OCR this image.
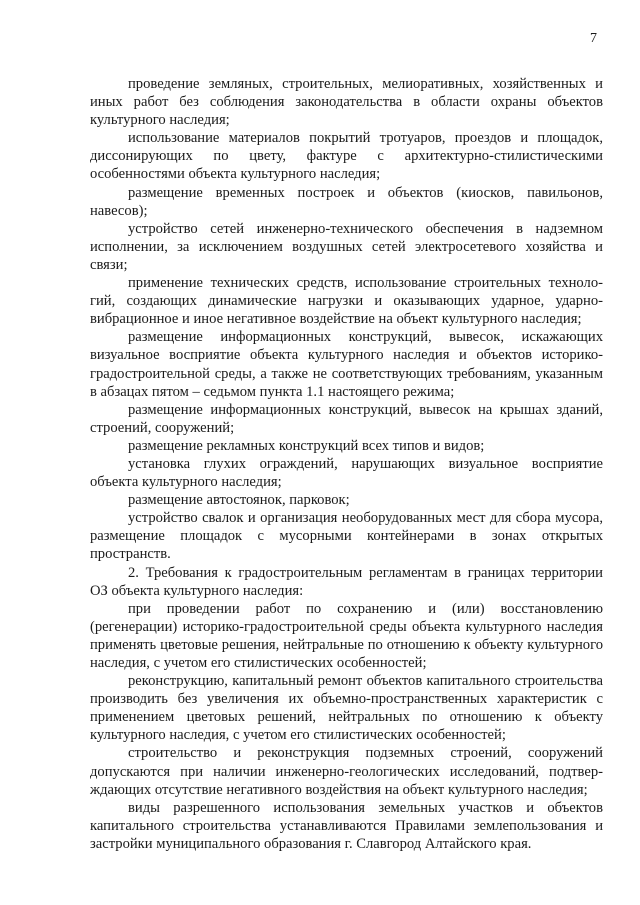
7

проведение земляных, строительных, мелиоративных, хозяйственных и иных работ без соблюдения законодательства в области охраны объектов культурного наследия;

использование материалов покрытий тротуаров, проездов и площадок, диссонирующих по цвету, фактуре с архитектурно-стилистическими особенностями объекта культурного наследия;

размещение временных построек и объектов (киосков, павильонов, навесов);

устройство сетей инженерно-технического обеспечения в надземном исполнении, за исключением воздушных сетей электросетевого хозяйства и связи;

применение технических средств, использование строительных технологий, создающих динамические нагрузки и оказывающих ударное, ударно-вибрационное и иное негативное воздействие на объект культурного наследия;

размещение информационных конструкций, вывесок, искажающих визуальное восприятие объекта культурного наследия и объектов историко-градостроительной среды, а также не соответствующих требованиям, указанным в абзацах пятом – седьмом пункта 1.1 настоящего режима;

размещение информационных конструкций, вывесок на крышах зданий, строений, сооружений;

размещение рекламных конструкций всех типов и видов;

установка глухих ограждений, нарушающих визуальное восприятие объекта культурного наследия;

размещение автостоянок, парковок;

устройство свалок и организация необорудованных мест для сбора мусора, размещение площадок с мусорными контейнерами в зонах открытых пространств.

2. Требования к градостроительным регламентам в границах территории ОЗ объекта культурного наследия:

при проведении работ по сохранению и (или) восстановлению (регенерации) историко-градостроительной среды объекта культурного наследия применять цветовые решения, нейтральные по отношению к объекту культурного наследия, с учетом его стилистических особенностей;

реконструкцию, капитальный ремонт объектов капитального строительства производить без увеличения их объемно-пространственных характеристик с применением цветовых решений, нейтральных по отношению к объекту культурного наследия, с учетом его стилистических особенностей;

строительство и реконструкция подземных строений, сооружений допускаются при наличии инженерно-геологических исследований, подтверждающих отсутствие негативного воздействия на объект культурного наследия;

виды разрешенного использования земельных участков и объектов капитального строительства устанавливаются Правилами землепользования и застройки муниципального образования г. Славгород Алтайского края.
